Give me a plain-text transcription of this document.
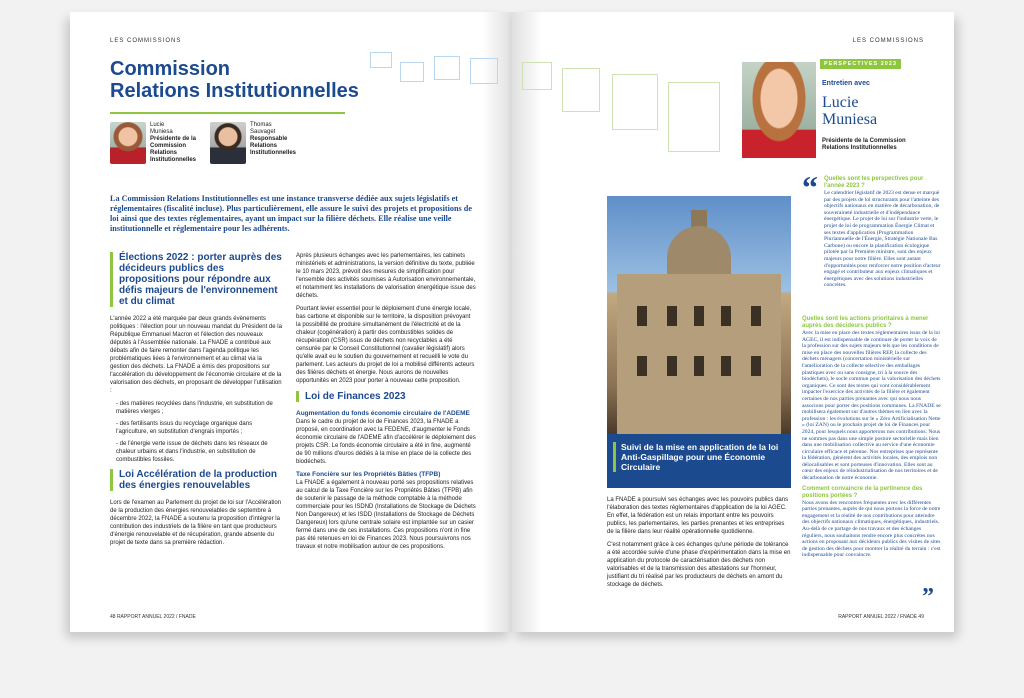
LES COMMISSIONS
Commission
Relations Institutionnelles
Lucie
Muniesa
Présidente de la Commission Relations Institutionnelles
Thomas
Sauvaget
Responsable Relations Institutionnelles
La Commission Relations Institutionnelles est une instance transverse dédiée aux sujets législatifs et réglementaires (fiscalité incluse). Plus particulièrement, elle assure le suivi des projets et propositions de loi ainsi que des textes réglementaires, ayant un impact sur la filière déchets. Elle réalise une veille institutionnelle et réglementaire pour les adhérents.
Élections 2022 : porter auprès des décideurs publics des propositions pour répondre aux défis majeurs de l'environnement et du climat

L'année 2022 a été marquée par deux grands évènements politiques : l'élection pour un nouveau mandat du Président de la République Emmanuel Macron et l'élection des nouveaux députés à l'Assemblée nationale. La FNADE a contribué aux débats afin de faire remonter dans l'agenda politique les problématiques liées à l'environnement et au climat via la gestion des déchets. La FNADE a émis des propositions sur l'accélération du développement de l'économie circulaire et de la valorisation des déchets, en proposant de développer l'utilisation :

- des matières recyclées dans l'industrie, en substitution de matières vierges ;
- des fertilisants issus du recyclage organique dans l'agriculture, en substitution d'engrais importés ;
- de l'énergie verte issue de déchets dans les réseaux de chaleur urbains et dans l'industrie, en substitution de combustibles fossiles.
Loi Accélération de la production des énergies renouvelables

Lors de l'examen au Parlement du projet de loi sur l'Accélération de la production des énergies renouvelables de septembre à décembre 2022, la FNADE a soutenu la proposition d'intégrer la contribution des industriels de la filière en tant que producteurs d'énergie renouvelable et de récupération, grande absente du projet de texte dans sa première rédaction.

Après plusieurs échanges avec les parlementaires, les cabinets ministériels et administrations, la version définitive du texte, publiée le 10 mars 2023, prévoit des mesures de simplification pour l'ensemble des activités soumises à Autorisation environnementale, et notamment les installations de valorisation énergétique issue des déchets.

Pourtant levier essentiel pour le déploiement d'une énergie locale, bas carbone et disponible sur le territoire, la disposition prévoyant la possibilité de produire simultanément de l'électricité et de la chaleur (cogénération) à partir des combustibles solides de récupération (CSR) issus de déchets non recyclables a été censurée par le Conseil Constitutionnel (cavalier législatif) alors qu'elle avait eu le soutien du gouvernement et recueilli le vote du parlement. Les acteurs du projet de loi a mobilisé différents acteurs des filières déchets et énergie. Nous aurons de nouvelles opportunités en 2023 pour porter à nouveau cette proposition.

Loi de Finances 2023
Augmentation du fonds économie circulaire de l'ADEME

Dans le cadre du projet de loi de Finances 2023, la FNADE a proposé, en coordination avec la FEDENE, d'augmenter le Fonds économie circulaire de l'ADEME afin d'accélérer le déploiement des projets CSR. Le fonds économie circulaire a été in fine, augmenté de 90 millions d'euros dédiés à la mise en place de la collecte des biodéchets.

Taxe Foncière sur les Propriétés Bâties (TFPB)

La FNADE a également à nouveau porté ses propositions relatives au calcul de la Taxe Foncière sur les Propriétés Bâties (TFPB) afin de soutenir le passage de la méthode comptable à la méthode commerciale pour les ISDND (Installations de Stockage de Déchets Non Dangereux) et les ISDD (Installations de Stockage de Déchets Dangereux) lors qu'une centrale solaire est implantée sur un casier fermé dans une de ces installations. Ces propositions n'ont in fine pas été retenues en loi de Finances 2023. Nous poursuivrons nos travaux et notre mobilisation autour de ces propositions.

48 RAPPORT ANNUEL 2022 / FNADE
LES COMMISSIONS
PERSPECTIVES 2023
Entretien avec
Lucie
Muniesa
Présidente de la Commission Relations Institutionnelles
Suivi de la mise en application de la loi Anti-Gaspillage pour une Économie Circulaire

La FNADE a poursuivi ses échanges avec les pouvoirs publics dans l'élaboration des textes réglementaires d'application de la loi AGEC. En effet, la fédération est un relais important entre les pouvoirs publics, les parlementaires, les parties prenantes et les entreprises de la filière dans leur réalité opérationnelle quotidienne.

C'est notamment grâce à ces échanges qu'une période de tolérance a été accordée suivie d'une phase d'expérimentation dans la mise en application du protocole de caractérisation des déchets non valorisables et de la transmission des attestations sur l'honneur, justifiant du tri réalisé par les producteurs de déchets en amont du stockage de déchets.

“ Quelles sont les perspectives pour l'année 2023 ?

Le calendrier législatif de 2023 est dense et marqué par des projets de loi structurants pour l'atteinte des objectifs nationaux en matière de décarbonation, de souveraineté industrielle et d'indépendance énergétique. Le projet de loi sur l'industrie verte, le projet de loi de programmation Énergie Climat et ses textes d'application (Programmation Pluriannuelle de l'Énergie, Stratégie Nationale Bas Carbone) ou encore la planification écologique pilotée par la Première ministre, sont des enjeux majeurs pour notre filière. Elles sont autant d'opportunités pour renforcer notre position d'acteur engagé et contributeur aux enjeux climatiques et énergétiques avec des solutions industrielles concrètes.

Quelles sont les actions prioritaires à mener auprès des décideurs publics ?

Avec la mise en place des textes réglementaires issus de la loi AGEC, il est indispensable de continuer de porter la voix de la profession sur des sujets majeurs tels que les conditions de mise en place des nouvelles filières REP, la collecte des déchets ménagers (concertation ministérielle sur l'amélioration de la collecte sélective des emballages plastiques avec ou sans consigne, tri à la source des biodéchets), le socle commun pour la valorisation des déchets organiques. Ce sont des textes qui vont considérablement impacter l'exercice des activités de la filière et également certaines de nos parties prenantes avec qui nous nous associons pour porter des positions communes. La FNADE se mobilisera également sur d'autres thèmes en lien avec la profession : les évolutions sur le « Zéro Artificialisation Nette » (loi ZAN) ou le prochain projet de loi de Finances pour 2024, pour lesquels nous apporterons nos contributions. Nous ne sommes pas dans une simple posture sectorielle mais bien dans une mobilisation collective au service d'une économie circulaire efficace et pérenne. Nos entreprises que représente la fédération, génèrent des activités locales, des emplois non délocalisables et sont porteuses d'innovation. Elles sont au cœur des enjeux de réindustrialisation de nos territoires et de décarbonation de notre économie.

Comment convaincre de la pertinence des positions portées ?

Nous avons des rencontres fréquentes avec les différentes parties prenantes, auprès de qui nous portons la force de notre engagement et la réalité de nos contributions pour atteindre des objectifs nationaux climatiques, énergétiques, industriels. Au-delà de ce partage de nos travaux et des échanges réguliers, nous souhaitons rendre encore plus concrètes nos actions en proposant aux décideurs publics des visites de sites de gestion des déchets pour montrer la réalité du terrain : c'est indispensable pour convaincre.

”
RAPPORT ANNUEL 2022 / FNADE 49
